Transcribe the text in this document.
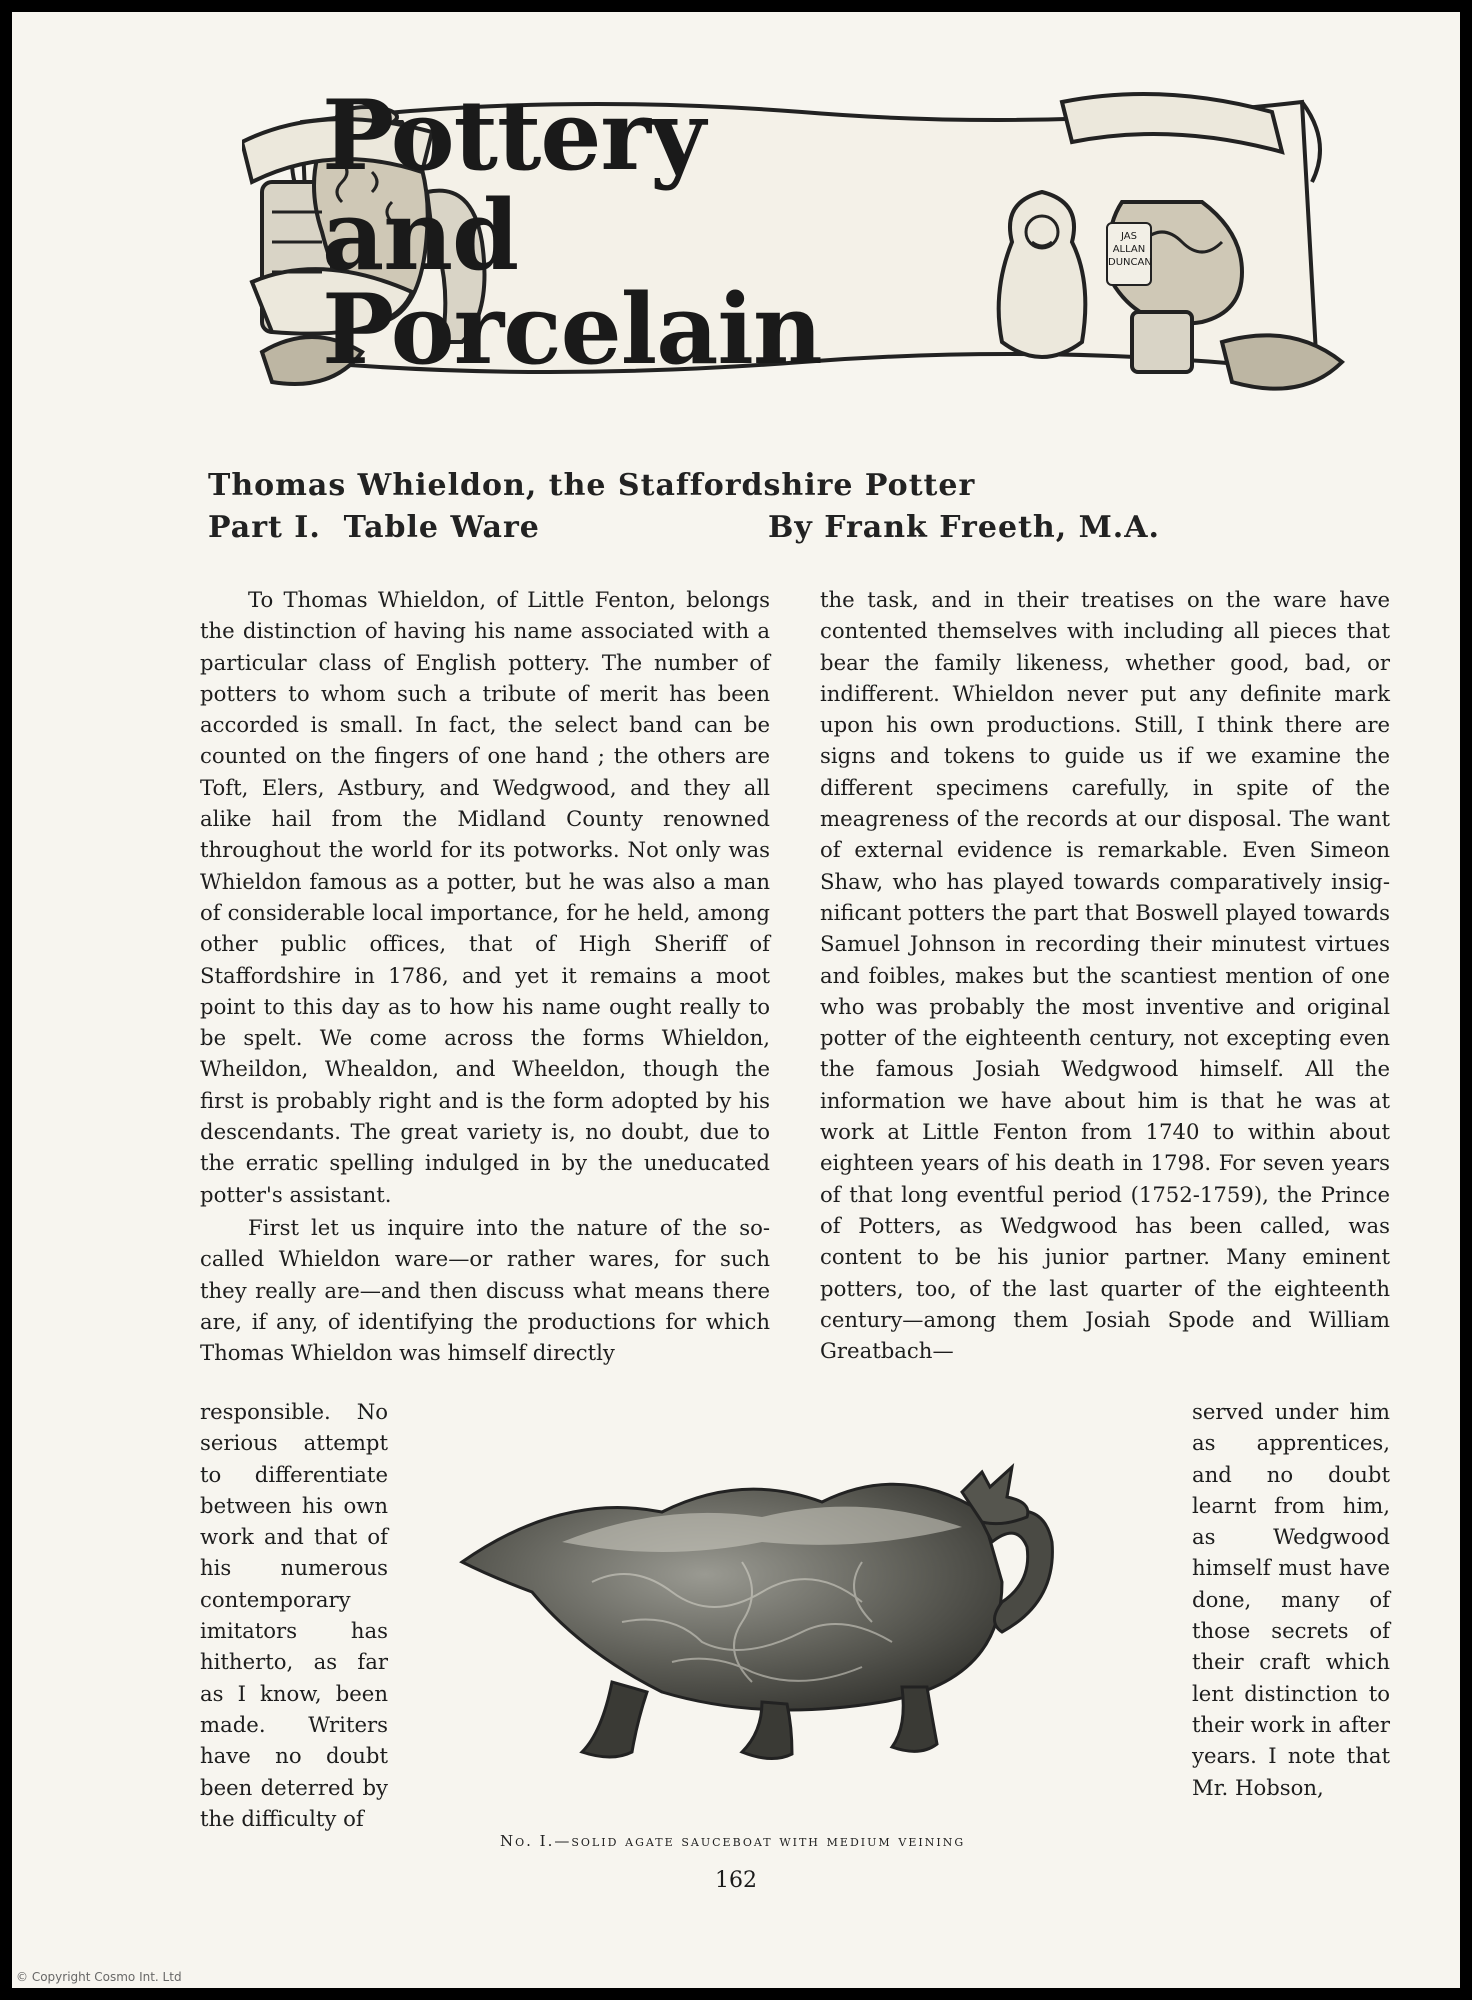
Pottery and
Porcelain
JAS
ALLAN
DUNCAN
Thomas Whieldon, the Staffordshire Potter
Part I.  Table Ware	By Frank Freeth, M.A.

To Thomas Whieldon, of Little Fenton, belongs the distinction of having his name associated with a particular class of English pottery. The number of potters to whom such a tribute of merit has been accorded is small. In fact, the select band can be counted on the fingers of one hand ; the others are Toft, Elers, Astbury, and Wedgwood, and they all alike hail from the Midland County renowned throughout the world for its potworks. Not only was Whieldon famous as a potter, but he was also a man of considerable local importance, for he held, among other public offices, that of High Sheriff of Staffordshire in 1786, and yet it remains a moot point to this day as to how his name ought really to be spelt. We come across the forms Whieldon, Wheildon, Whealdon, and Wheeldon, though the first is probably right and is the form adopted by his descendants. The great variety is, no doubt, due to the erratic spelling indulged in by the uneducated potter's assistant.

First let us inquire into the nature of the so-called Whieldon ware—or rather wares, for such they really are—and then discuss what means there are, if any, of identifying the productions for which Thomas Whieldon was himself directly

the task, and in their treatises on the ware have contented themselves with including all pieces that bear the family likeness, whether good, bad, or indifferent. Whieldon never put any definite mark upon his own productions. Still, I think there are signs and tokens to guide us if we examine the different specimens carefully, in spite of the meagreness of the records at our disposal. The want of external evidence is remarkable. Even Simeon Shaw, who has played towards comparatively insignificant potters the part that Boswell played towards Samuel Johnson in recording their minutest virtues and foibles, makes but the scantiest mention of one who was probably the most inventive and original potter of the eighteenth century, not excepting even the famous Josiah Wedgwood himself. All the information we have about him is that he was at work at Little Fenton from 1740 to within about eighteen years of his death in 1798. For seven years of that long eventful period (1752-1759), the Prince of Potters, as Wedgwood has been called, was content to be his junior partner. Many eminent potters, too, of the last quarter of the eighteenth century—among them Josiah Spode and William Greatbach—

responsible. No serious attempt to differentiate between his own work and that of his numerous contemporary imitators has hitherto, as far as I know, been made. Writers have no doubt been deterred by the difficulty of

served under him as apprentices, and no doubt learnt from him, as Wedgwood himself must have done, many of those secrets of their craft which lent distinction to their work in after years. I note that Mr. Hobson,

No. I.—solid agate sauceboat with medium veining
162
© Copyright Cosmo Int. Ltd
